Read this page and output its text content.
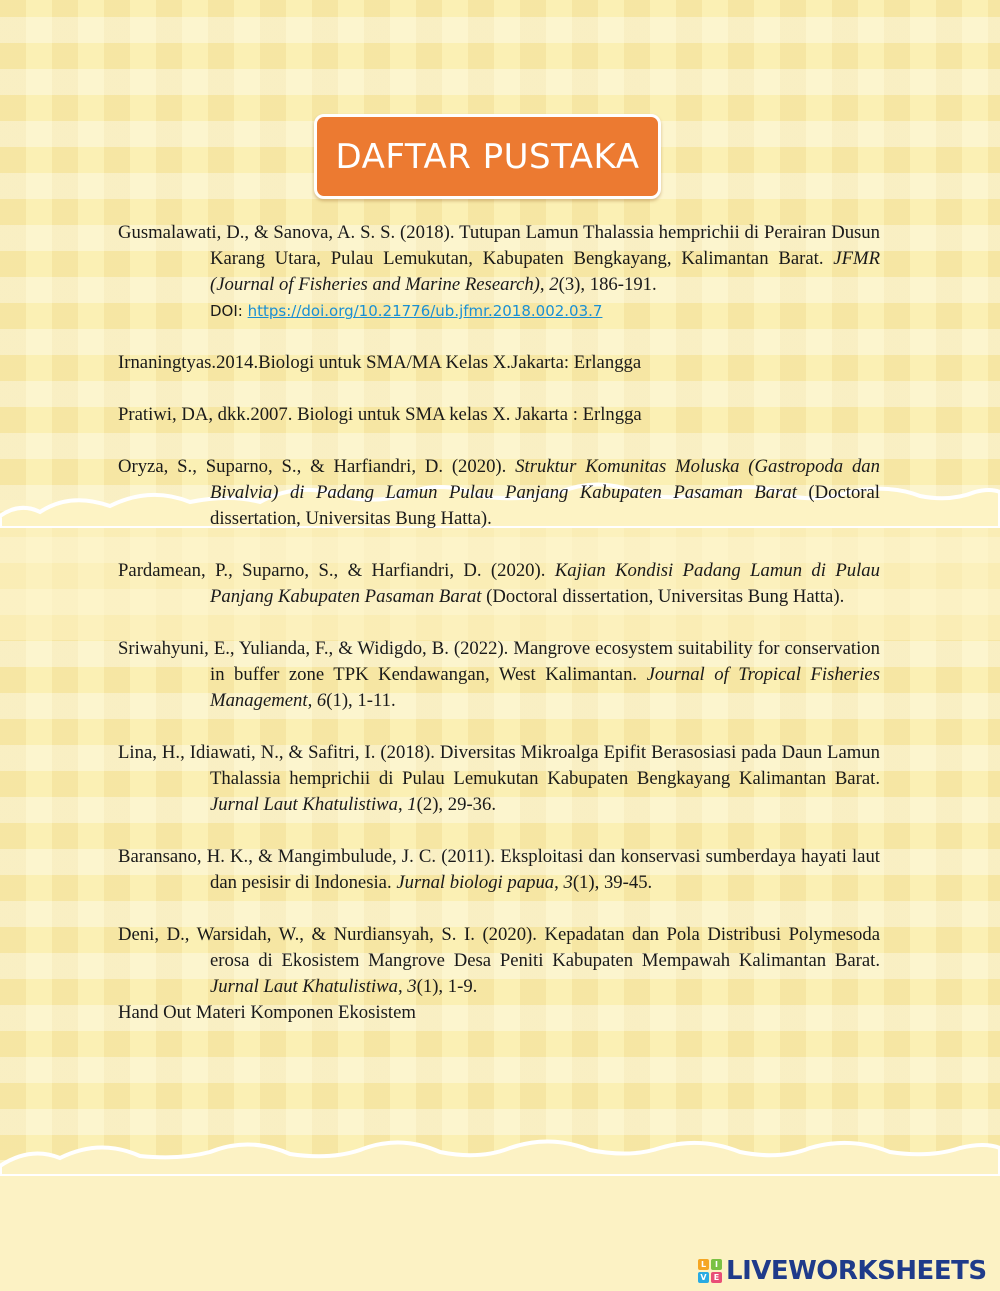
DAFTAR PUSTAKA

Gusmalawati, D., & Sanova, A. S. S. (2018). Tutupan Lamun Thalassia hemprichii di Perairan Dusun Karang Utara, Pulau Lemukutan, Kabupaten Bengkayang, Kalimantan Barat. JFMR (Journal of Fisheries and Marine Research), 2(3), 186-191.
DOI: https://doi.org/10.21776/ub.jfmr.2018.002.03.7

Irnaningtyas.2014.Biologi untuk SMA/MA Kelas X.Jakarta: Erlangga

Pratiwi, DA, dkk.2007. Biologi untuk SMA kelas X. Jakarta : Erlngga

Oryza, S., Suparno, S., & Harfiandri, D. (2020). Struktur Komunitas Moluska (Gastropoda dan Bivalvia) di Padang Lamun Pulau Panjang Kabupaten Pasaman Barat (Doctoral dissertation, Universitas Bung Hatta).

Pardamean, P., Suparno, S., & Harfiandri, D. (2020). Kajian Kondisi Padang Lamun di Pulau Panjang Kabupaten Pasaman Barat (Doctoral dissertation, Universitas Bung Hatta).

Sriwahyuni, E., Yulianda, F., & Widigdo, B. (2022). Mangrove ecosystem suitability for conservation in buffer zone TPK Kendawangan, West Kalimantan. Journal of Tropical Fisheries Management, 6(1), 1-11.

Lina, H., Idiawati, N., & Safitri, I. (2018). Diversitas Mikroalga Epifit Berasosiasi pada Daun Lamun Thalassia hemprichii di Pulau Lemukutan Kabupaten Bengkayang Kalimantan Barat. Jurnal Laut Khatulistiwa, 1(2), 29-36.

Baransano, H. K., & Mangimbulude, J. C. (2011). Eksploitasi dan konservasi sumberdaya hayati laut dan pesisir di Indonesia. Jurnal biologi papua, 3(1), 39-45.

Deni, D., Warsidah, W., & Nurdiansyah, S. I. (2020). Kepadatan dan Pola Distribusi Polymesoda erosa di Ekosistem Mangrove Desa Peniti Kabupaten Mempawah Kalimantan Barat. Jurnal Laut Khatulistiwa, 3(1), 1-9.

Hand Out Materi Komponen Ekosistem

L	I
V E LIVEWORKSHEETS
